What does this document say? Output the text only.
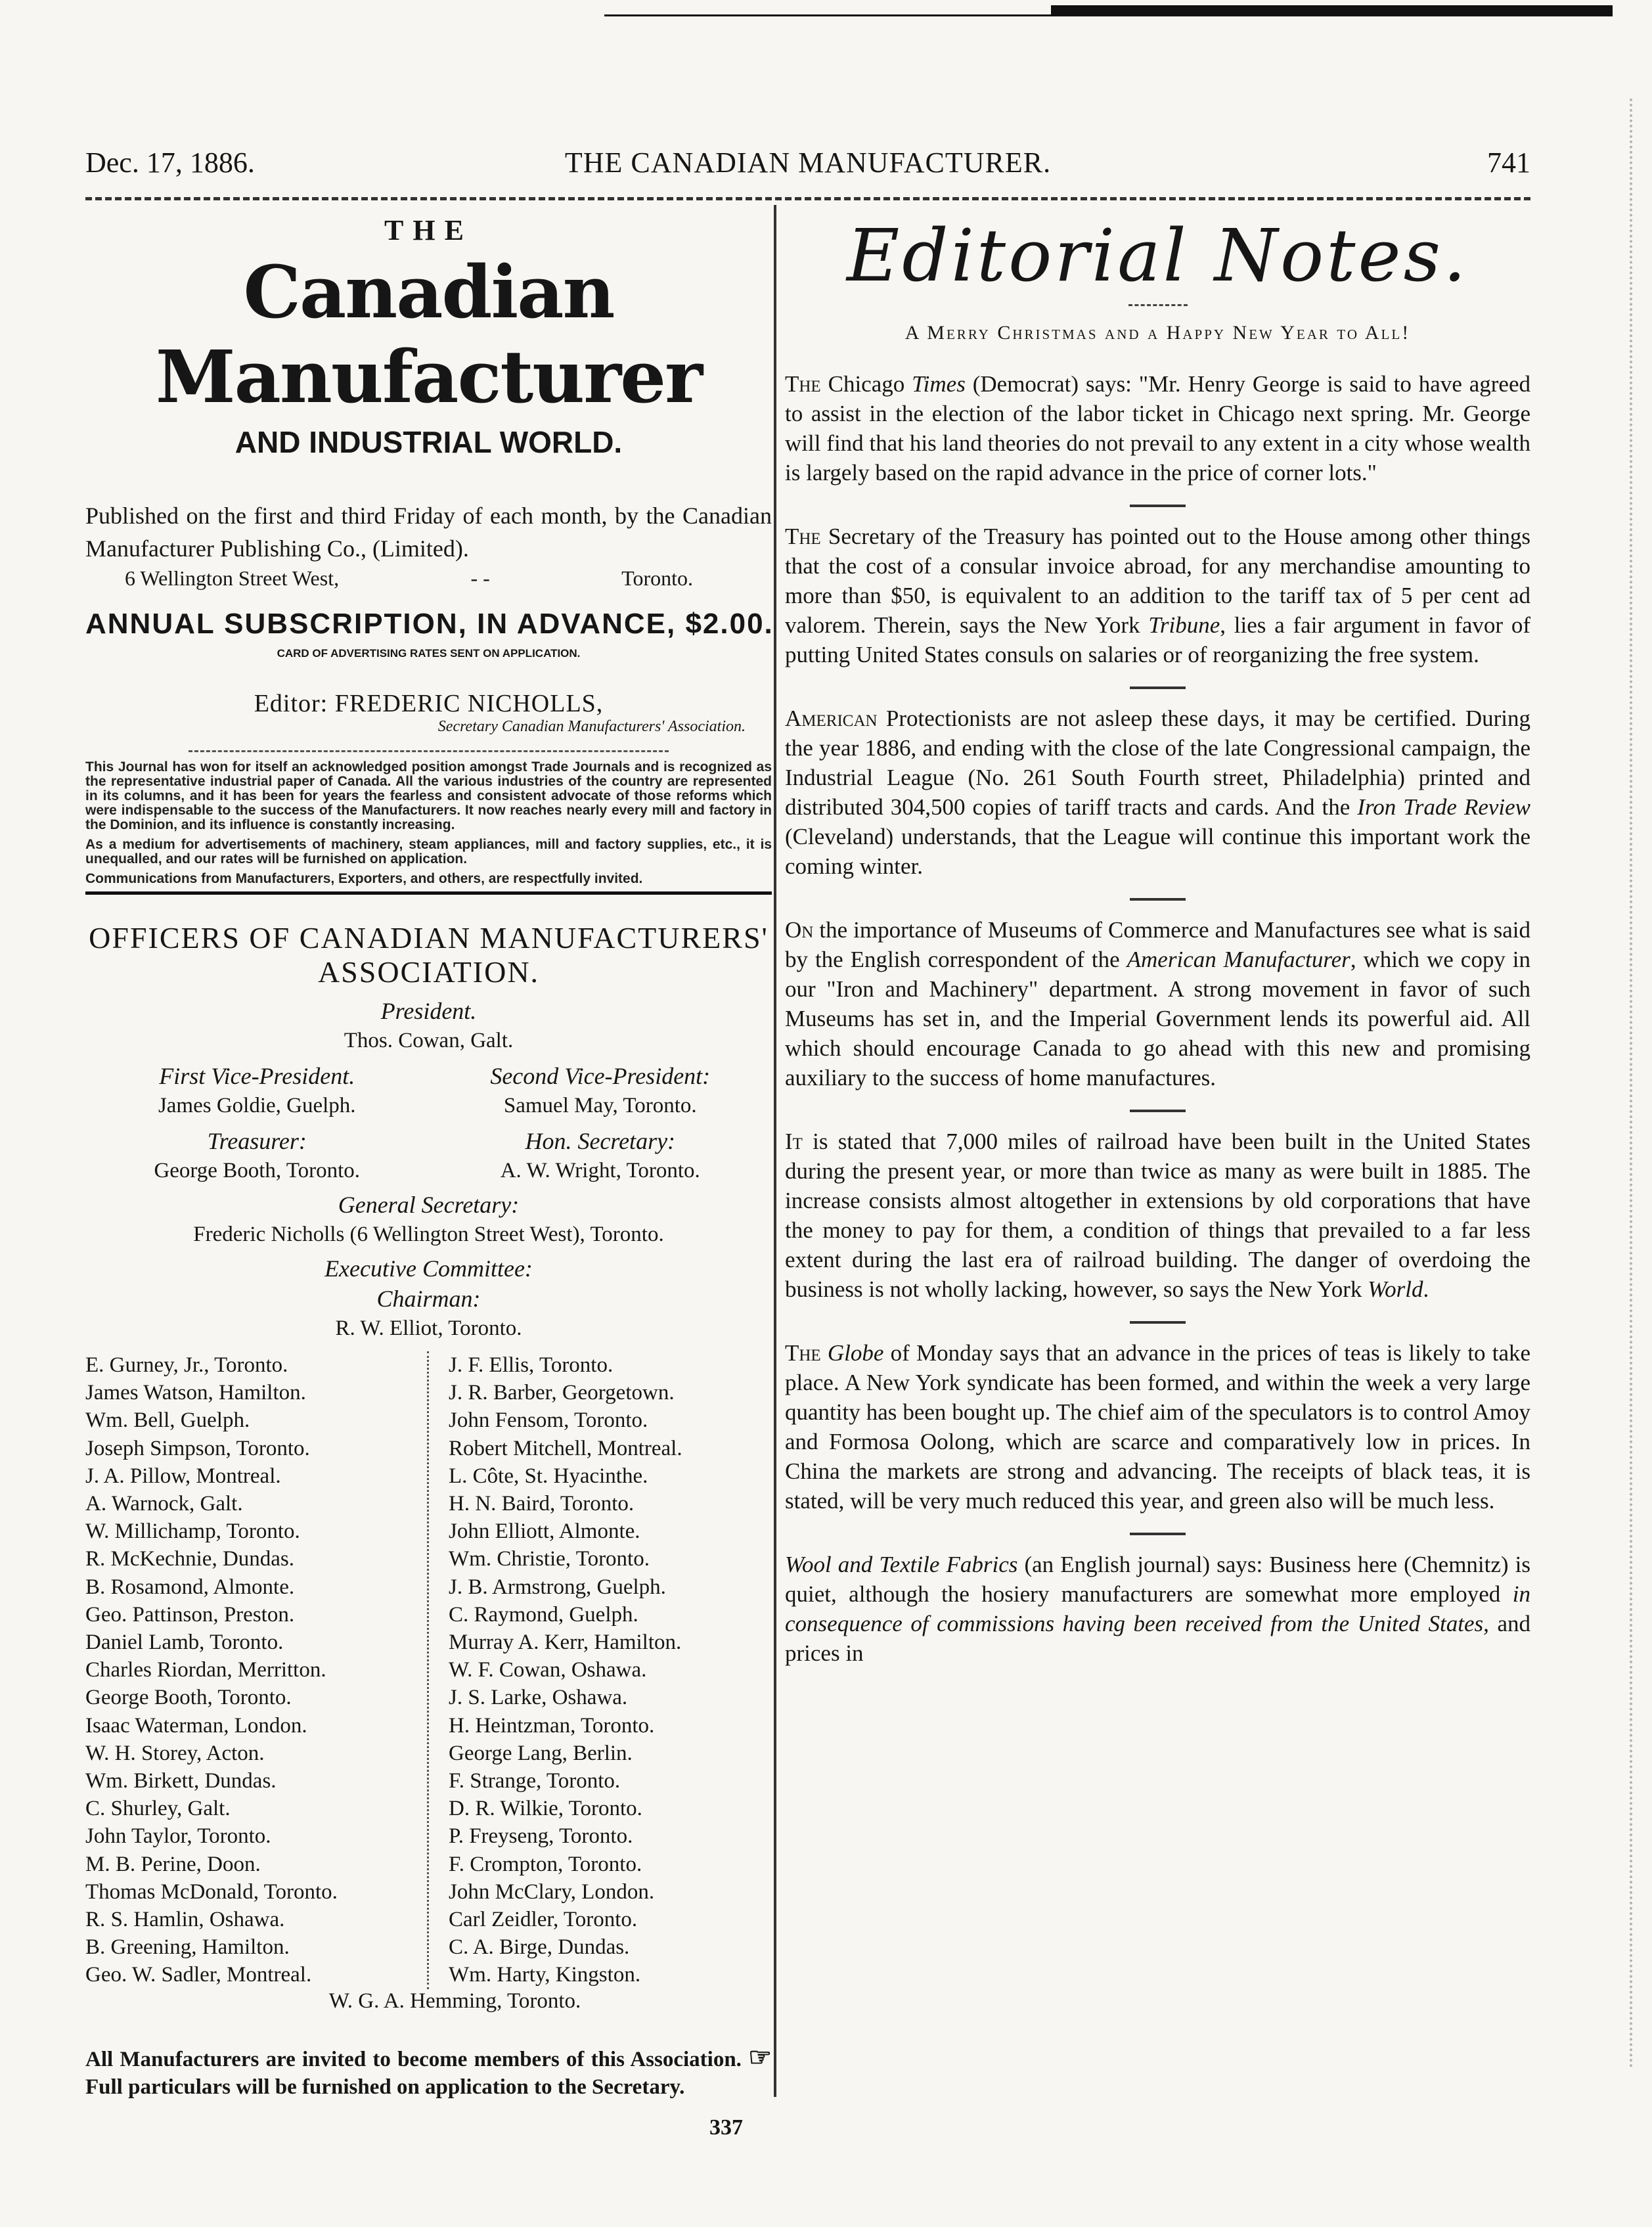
Dec. 17, 1886.	THE CANADIAN MANUFACTURER.	741

THE

Canadian Manufacturer

AND INDUSTRIAL WORLD.

Published on the first and third Friday of each month, by the Canadian Manufacturer Publishing Co., (Limited).

6 Wellington Street West,	- -	Toronto.
ANNUAL SUBSCRIPTION, IN ADVANCE, $2.00.
CARD OF ADVERTISING RATES SENT ON APPLICATION.
Editor: FREDERIC NICHOLLS,
Secretary Canadian Manufacturers' Association.

This Journal has won for itself an acknowledged position amongst Trade Journals and is recognized as the representative industrial paper of Canada. All the various industries of the country are represented in its columns, and it has been for years the fearless and consistent advocate of those reforms which were indispensable to the success of the Manufacturers. It now reaches nearly every mill and factory in the Dominion, and its influence is constantly increasing.

As a medium for advertisements of machinery, steam appliances, mill and factory supplies, etc., it is unequalled, and our rates will be furnished on application.

Communications from Manufacturers, Exporters, and others, are respectfully invited.

OFFICERS OF CANADIAN MANUFACTURERS' ASSOCIATION.
President.
Thos. Cowan, Galt.
First Vice-President.
James Goldie, Guelph.
Second Vice-President:
Samuel May, Toronto.
Treasurer:
George Booth, Toronto.
Hon. Secretary:
A. W. Wright, Toronto.
General Secretary:
Frederic Nicholls (6 Wellington Street West), Toronto.
Executive Committee:
Chairman:
R. W. Elliot, Toronto.
E. Gurney, Jr., Toronto.
James Watson, Hamilton.
Wm. Bell, Guelph.
Joseph Simpson, Toronto.
J. A. Pillow, Montreal.
A. Warnock, Galt.
W. Millichamp, Toronto.
R. McKechnie, Dundas.
B. Rosamond, Almonte.
Geo. Pattinson, Preston.
Daniel Lamb, Toronto.
Charles Riordan, Merritton.
George Booth, Toronto.
Isaac Waterman, London.
W. H. Storey, Acton.
Wm. Birkett, Dundas.
C. Shurley, Galt.
John Taylor, Toronto.
M. B. Perine, Doon.
Thomas McDonald, Toronto.
R. S. Hamlin, Oshawa.
B. Greening, Hamilton.
Geo. W. Sadler, Montreal.
J. F. Ellis, Toronto.
J. R. Barber, Georgetown.
John Fensom, Toronto.
Robert Mitchell, Montreal.
L. Côte, St. Hyacinthe.
H. N. Baird, Toronto.
John Elliott, Almonte.
Wm. Christie, Toronto.
J. B. Armstrong, Guelph.
C. Raymond, Guelph.
Murray A. Kerr, Hamilton.
W. F. Cowan, Oshawa.
J. S. Larke, Oshawa.
H. Heintzman, Toronto.
George Lang, Berlin.
F. Strange, Toronto.
D. R. Wilkie, Toronto.
P. Freyseng, Toronto.
F. Crompton, Toronto.
John McClary, London.
Carl Zeidler, Toronto.
C. A. Birge, Dundas.
Wm. Harty, Kingston.
W. G. A. Hemming, Toronto.
All Manufacturers are invited to become members of this Association. ☞ Full particulars will be furnished on application to the Secretary.
337

Editorial Notes.

A Merry Christmas and a Happy New Year to All!

The Chicago Times (Democrat) says: "Mr. Henry George is said to have agreed to assist in the election of the labor ticket in Chicago next spring. Mr. George will find that his land theories do not prevail to any extent in a city whose wealth is largely based on the rapid advance in the price of corner lots."

The Secretary of the Treasury has pointed out to the House among other things that the cost of a consular invoice abroad, for any merchandise amounting to more than $50, is equivalent to an addition to the tariff tax of 5 per cent ad valorem. Therein, says the New York Tribune, lies a fair argument in favor of putting United States consuls on salaries or of reorganizing the free system.

American Protectionists are not asleep these days, it may be certified. During the year 1886, and ending with the close of the late Congressional campaign, the Industrial League (No. 261 South Fourth street, Philadelphia) printed and distributed 304,500 copies of tariff tracts and cards. And the Iron Trade Review (Cleveland) understands, that the League will continue this important work the coming winter.

On the importance of Museums of Commerce and Manufactures see what is said by the English correspondent of the American Manufacturer, which we copy in our "Iron and Machinery" department. A strong movement in favor of such Museums has set in, and the Imperial Government lends its powerful aid. All which should encourage Canada to go ahead with this new and promising auxiliary to the success of home manufactures.

It is stated that 7,000 miles of railroad have been built in the United States during the present year, or more than twice as many as were built in 1885. The increase consists almost altogether in extensions by old corporations that have the money to pay for them, a condition of things that prevailed to a far less extent during the last era of railroad building. The danger of overdoing the business is not wholly lacking, however, so says the New York World.

The Globe of Monday says that an advance in the prices of teas is likely to take place. A New York syndicate has been formed, and within the week a very large quantity has been bought up. The chief aim of the speculators is to control Amoy and Formosa Oolong, which are scarce and comparatively low in prices. In China the markets are strong and advancing. The receipts of black teas, it is stated, will be very much reduced this year, and green also will be much less.

Wool and Textile Fabrics (an English journal) says: Business here (Chemnitz) is quiet, although the hosiery manufacturers are somewhat more employed in consequence of commissions having been received from the United States, and prices in
